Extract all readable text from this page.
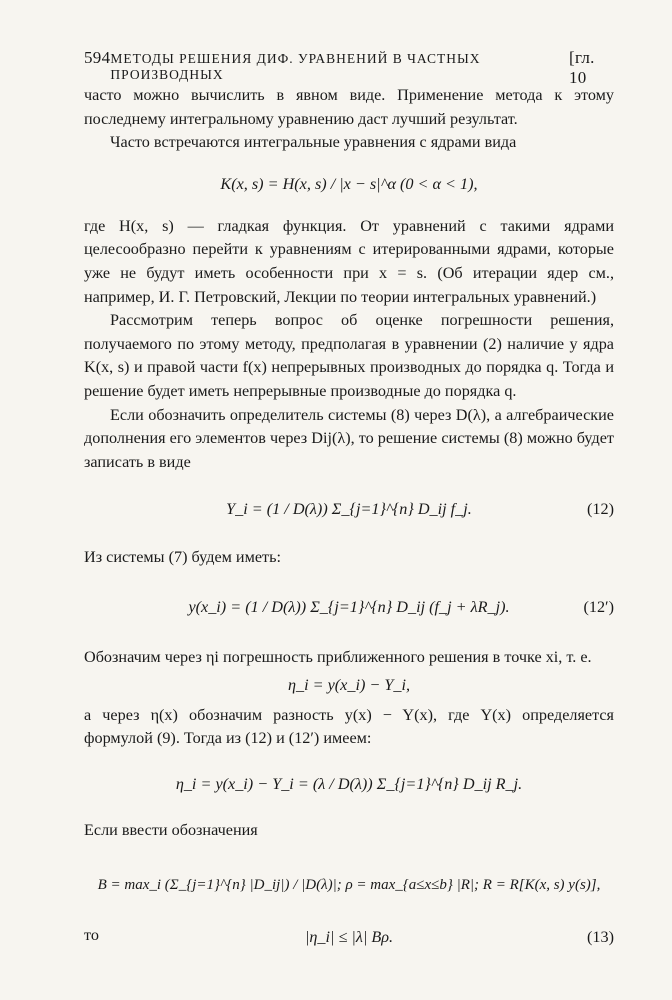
594 МЕТОДЫ РЕШЕНИЯ ДИФ. УРАВНЕНИЙ В ЧАСТНЫХ ПРОИЗВОДНЫХ
[гл. 10

часто можно вычислить в явном виде. Применение метода к этому последнему интегральному уравнению даст лучший результат.

Часто встречаются интегральные уравнения с ядрами вида

K(x, s) = H(x, s) / |x − s|^α (0 < α < 1),

где H(x, s) — гладкая функция. От уравнений с такими ядрами целесообразно перейти к уравнениям с итерированными ядрами, которые уже не будут иметь особенности при x = s. (Об итерации ядер см., например, И. Г. Петровский, Лекции по теории интегральных уравнений.)

Рассмотрим теперь вопрос об оценке погрешности решения, получаемого по этому методу, предполагая в уравнении (2) наличие у ядра K(x, s) и правой части f(x) непрерывных производных до порядка q. Тогда и решение будет иметь непрерывные производные до порядка q.

Если обозначить определитель системы (8) через D(λ), а алгебраические дополнения его элементов через Dij(λ), то решение системы (8) можно будет записать в виде

Y_i = (1 / D(λ)) Σ_{j=1}^{n} D_ij f_j.	(12)

Из системы (7) будем иметь:

y(x_i) = (1 / D(λ)) Σ_{j=1}^{n} D_ij (f_j + λR_j).	(12′)

Обозначим через ηi погрешность приближенного решения в точке xi, т. е.

η_i = y(x_i) − Y_i,

а через η(x) обозначим разность y(x) − Y(x), где Y(x) определяется формулой (9). Тогда из (12) и (12′) имеем:

η_i = y(x_i) − Y_i = (λ / D(λ)) Σ_{j=1}^{n} D_ij R_j.

Если ввести обозначения

B = max_i (Σ_{j=1}^{n} |D_ij|) / |D(λ)|; ρ = max_{a≤x≤b} |R|; R = R[K(x, s) y(s)],

то	|η_i| ≤ |λ| Bρ.	(13)
